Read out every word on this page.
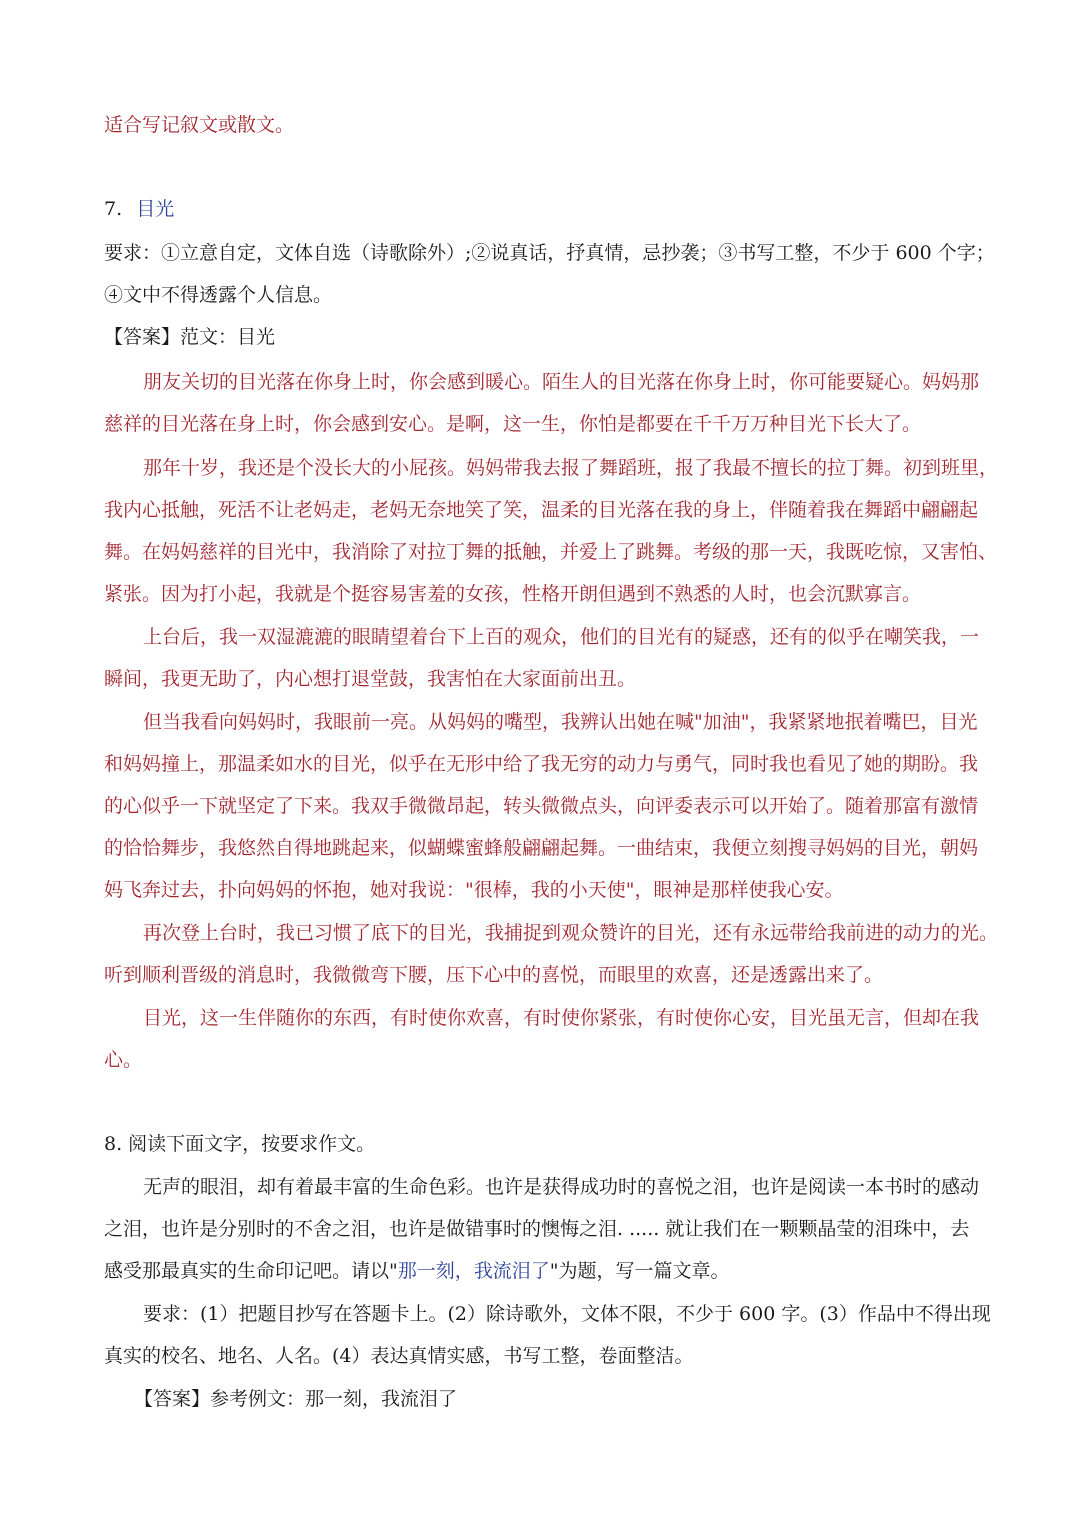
适合写记叙文或散文。
7. 目光
要求：①立意自定，文体自选（诗歌除外）;②说真话，抒真情，忌抄袭；③书写工整，不少于 600 个字；
④文中不得透露个人信息。
【答案】范文：目光
朋友关切的目光落在你身上时，你会感到暖心。陌生人的目光落在你身上时，你可能要疑心。妈妈那
慈祥的目光落在身上时，你会感到安心。是啊，这一生，你怕是都要在千千万万种目光下长大了。
那年十岁，我还是个没长大的小屁孩。妈妈带我去报了舞蹈班，报了我最不擅长的拉丁舞。初到班里，
我内心抵触，死活不让老妈走，老妈无奈地笑了笑，温柔的目光落在我的身上，伴随着我在舞蹈中翩翩起
舞。在妈妈慈祥的目光中，我消除了对拉丁舞的抵触，并爱上了跳舞。考级的那一天，我既吃惊，又害怕、
紧张。因为打小起，我就是个挺容易害羞的女孩，性格开朗但遇到不熟悉的人时，也会沉默寡言。
上台后，我一双湿漉漉的眼睛望着台下上百的观众，他们的目光有的疑惑，还有的似乎在嘲笑我，一
瞬间，我更无助了，内心想打退堂鼓，我害怕在大家面前出丑。
但当我看向妈妈时，我眼前一亮。从妈妈的嘴型，我辨认出她在喊"加油"，我紧紧地抿着嘴巴，目光
和妈妈撞上，那温柔如水的目光，似乎在无形中给了我无穷的动力与勇气，同时我也看见了她的期盼。我
的心似乎一下就坚定了下来。我双手微微昂起，转头微微点头，向评委表示可以开始了。随着那富有激情
的恰恰舞步，我悠然自得地跳起来，似蝴蝶蜜蜂般翩翩起舞。一曲结束，我便立刻搜寻妈妈的目光，朝妈
妈飞奔过去，扑向妈妈的怀抱，她对我说："很棒，我的小天使"，眼神是那样使我心安。
再次登上台时，我已习惯了底下的目光，我捕捉到观众赞许的目光，还有永远带给我前进的动力的光。
听到顺利晋级的消息时，我微微弯下腰，压下心中的喜悦，而眼里的欢喜，还是透露出来了。
目光，这一生伴随你的东西，有时使你欢喜，有时使你紧张，有时使你心安，目光虽无言，但却在我
心。
8. 阅读下面文字，按要求作文。
无声的眼泪，却有着最丰富的生命色彩。也许是获得成功时的喜悦之泪，也许是阅读一本书时的感动
之泪，也许是分别时的不舍之泪，也许是做错事时的懊悔之泪. ..... 就让我们在一颗颗晶莹的泪珠中，去
感受那最真实的生命印记吧。请以"那一刻，我流泪了"为题，写一篇文章。
要求：(1）把题目抄写在答题卡上。(2）除诗歌外，文体不限，不少于 600 字。(3）作品中不得出现
真实的校名、地名、人名。(4）表达真情实感，书写工整，卷面整洁。
【答案】参考例文：那一刻，我流泪了
